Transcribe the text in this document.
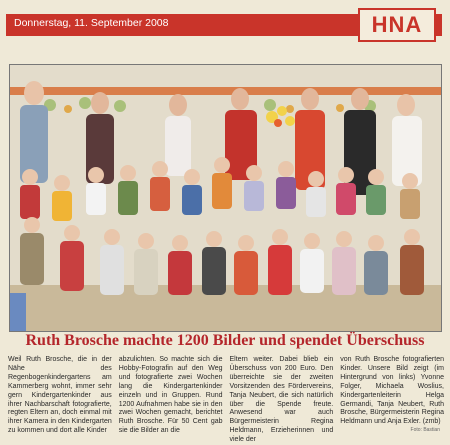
Donnerstag, 11. September 2008	HNA
Ruth Brosche machte 1200 Bilder und spendet Überschuss
Weil Ruth Brosche, die in der Nähe des Regenbogenkindergartens am Kammerberg wohnt, immer sehr gern Kindergartenkinder aus ihrer Nachbarschaft fotografierte, regten Eltern an, doch einmal mit ihrer Kamera in den Kindergarten zu kommen und dort alle Kinder
abzulichten. So machte sich die Hobby-Fotografin auf den Weg und fotografierte zwei Wochen lang die Kindergartenkinder einzeln und in Gruppen. Rund 1200 Aufnahmen habe sie in den zwei Wochen gemacht, berichtet Ruth Brosche. Für 50 Cent gab sie die Bilder an die
Eltern weiter. Dabei blieb ein Überschuss von 200 Euro. Den überreichte sie der zweiten Vorsitzenden des Fördervereins, Tanja Neubert, die sich natürlich über die Spende freute. Anwesend war auch Bürgermeisterin Regina Heldmann, Erzieherinnen und viele der
von Ruth Brosche fotografierten Kinder. Unsere Bild zeigt (im Hintergrund von links) Yvonne Folger, Michaela Woslius, Kindergartenleiterin Helga Germandi, Tanja Neubert, Ruth Brosche, Bürgermeisterin Regina Heldmann und Anja Exler. (zmb)
Foto: Bastian
